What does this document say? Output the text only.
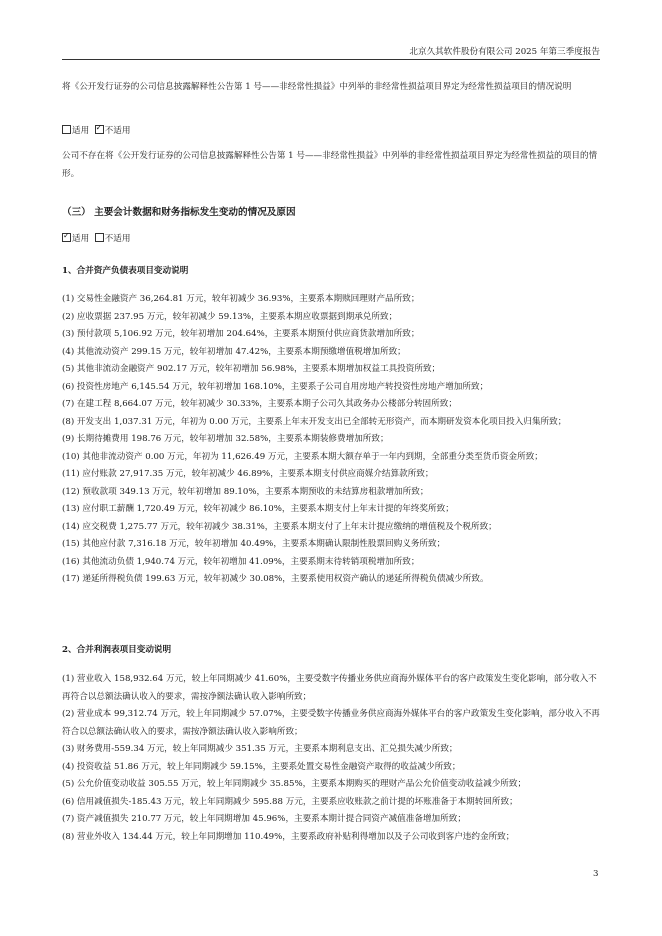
北京久其软件股份有限公司 2025 年第三季度报告
将《公开发行证券的公司信息披露解释性公告第 1 号——非经常性损益》中列举的非经常性损益项目界定为经常性损益项目的情况说明
适用  ✓ 不适用
公司不存在将《公开发行证券的公司信息披露解释性公告第 1 号——非经常性损益》中列举的非经常性损益项目界定为经常性损益的项目的情形。
（三） 主要会计数据和财务指标发生变动的情况及原因
✓适用 不适用
1、合并资产负债表项目变动说明
(1) 交易性金融资产 36,264.81 万元，较年初减少 36.93%，主要系本期赎回理财产品所致；
(2) 应收票据 237.95 万元，较年初减少 59.13%，主要系本期应收票据到期承兑所致；
(3) 预付款项 5,106.92 万元，较年初增加 204.64%，主要系本期预付供应商货款增加所致；
(4) 其他流动资产 299.15 万元，较年初增加 47.42%，主要系本期预缴增值税增加所致；
(5) 其他非流动金融资产 902.17 万元，较年初增加 56.98%，主要系本期增加权益工具投资所致；
(6) 投资性房地产 6,145.54 万元，较年初增加 168.10%，主要系子公司自用房地产转投资性房地产增加所致；
(7) 在建工程 8,664.07 万元，较年初减少 30.33%，主要系本期子公司久其政务办公楼部分转固所致；
(8) 开发支出 1,037.31 万元，年初为 0.00 万元，主要系上年末开发支出已全部转无形资产，而本期研发资本化项目投入归集所致；
(9) 长期待摊费用 198.76 万元，较年初增加 32.58%，主要系本期装修费增加所致；
(10) 其他非流动资产 0.00 万元，年初为 11,626.49 万元，主要系本期大额存单于一年内到期，全部重分类至货币资金所致；
(11) 应付账款 27,917.35 万元，较年初减少 46.89%，主要系本期支付供应商媒介结算款所致；
(12) 预收款项 349.13 万元，较年初增加 89.10%，主要系本期预收的未结算房租款增加所致；
(13) 应付职工薪酬 1,720.49 万元，较年初减少 86.10%，主要系本期支付上年末计提的年终奖所致；
(14) 应交税费 1,275.77 万元，较年初减少 38.31%，主要系本期支付了上年末计提应缴纳的增值税及个税所致；
(15) 其他应付款 7,316.18 万元，较年初增加 40.49%，主要系本期确认限制性股票回购义务所致；
(16) 其他流动负债 1,940.74 万元，较年初增加 41.09%，主要系期末待转销项税增加所致；
(17) 递延所得税负债 199.63 万元，较年初减少 30.08%，主要系使用权资产确认的递延所得税负债减少所致。
2、合并利润表项目变动说明
(1) 营业收入 158,932.64 万元，较上年同期减少 41.60%，主要受数字传播业务供应商海外媒体平台的客户政策发生变化影响，部分收入不再符合以总额法确认收入的要求，需按净额法确认收入影响所致；
(2) 营业成本 99,312.74 万元，较上年同期减少 57.07%，主要受数字传播业务供应商海外媒体平台的客户政策发生变化影响，部分收入不再符合以总额法确认收入的要求，需按净额法确认收入影响所致；
(3) 财务费用-559.34 万元，较上年同期减少 351.35 万元，主要系本期利息支出、汇兑损失减少所致；
(4) 投资收益 51.86 万元，较上年同期减少 59.15%，主要系处置交易性金融资产取得的收益减少所致；
(5) 公允价值变动收益 305.55 万元，较上年同期减少 35.85%，主要系本期购买的理财产品公允价值变动收益减少所致；
(6) 信用减值损失-185.43 万元，较上年同期减少 595.88 万元，主要系应收账款之前计提的坏账准备于本期转回所致；
(7) 资产减值损失 210.77 万元，较上年同期增加 45.96%，主要系本期计提合同资产减值准备增加所致；
(8) 营业外收入 134.44 万元，较上年同期增加 110.49%，主要系政府补贴利得增加以及子公司收到客户违约金所致；
3
